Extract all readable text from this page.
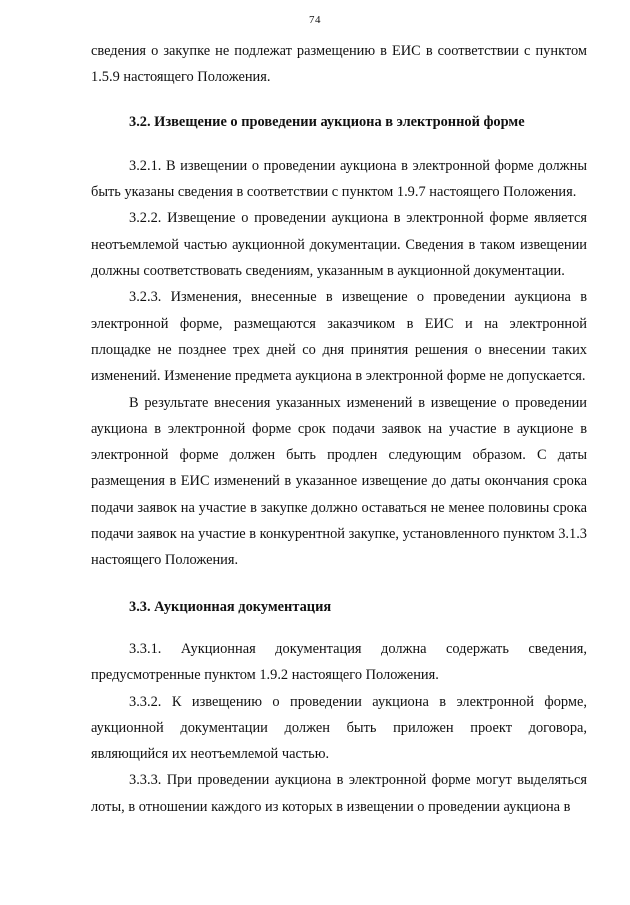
74

сведения о закупке не подлежат размещению в ЕИС в соответствии с пунктом 1.5.9 настоящего Положения.

3.2. Извещение о проведении аукциона в электронной форме

3.2.1. В извещении о проведении аукциона в электронной форме должны быть указаны сведения в соответствии с пунктом 1.9.7 настоящего Положения.

3.2.2. Извещение о проведении аукциона в электронной форме является неотъемлемой частью аукционной документации. Сведения в таком извещении должны соответствовать сведениям, указанным в аукционной документации.

3.2.3. Изменения, внесенные в извещение о проведении аукциона в электронной форме, размещаются заказчиком в ЕИС и на электронной площадке не позднее трех дней со дня принятия решения о внесении таких изменений. Изменение предмета аукциона в электронной форме не допускается.

В результате внесения указанных изменений в извещение о проведении аукциона в электронной форме срок подачи заявок на участие в аукционе в электронной форме должен быть продлен следующим образом. С даты размещения в ЕИС изменений в указанное извещение до даты окончания срока подачи заявок на участие в закупке должно оставаться не менее половины срока подачи заявок на участие в конкурентной закупке, установленного пунктом 3.1.3 настоящего Положения.

3.3. Аукционная документация

3.3.1. Аукционная документация должна содержать сведения, предусмотренные пунктом 1.9.2 настоящего Положения.

3.3.2. К извещению о проведении аукциона в электронной форме, аукционной документации должен быть приложен проект договора, являющийся их неотъемлемой частью.

3.3.3. При проведении аукциона в электронной форме могут выделяться лоты, в отношении каждого из которых в извещении о проведении аукциона в
